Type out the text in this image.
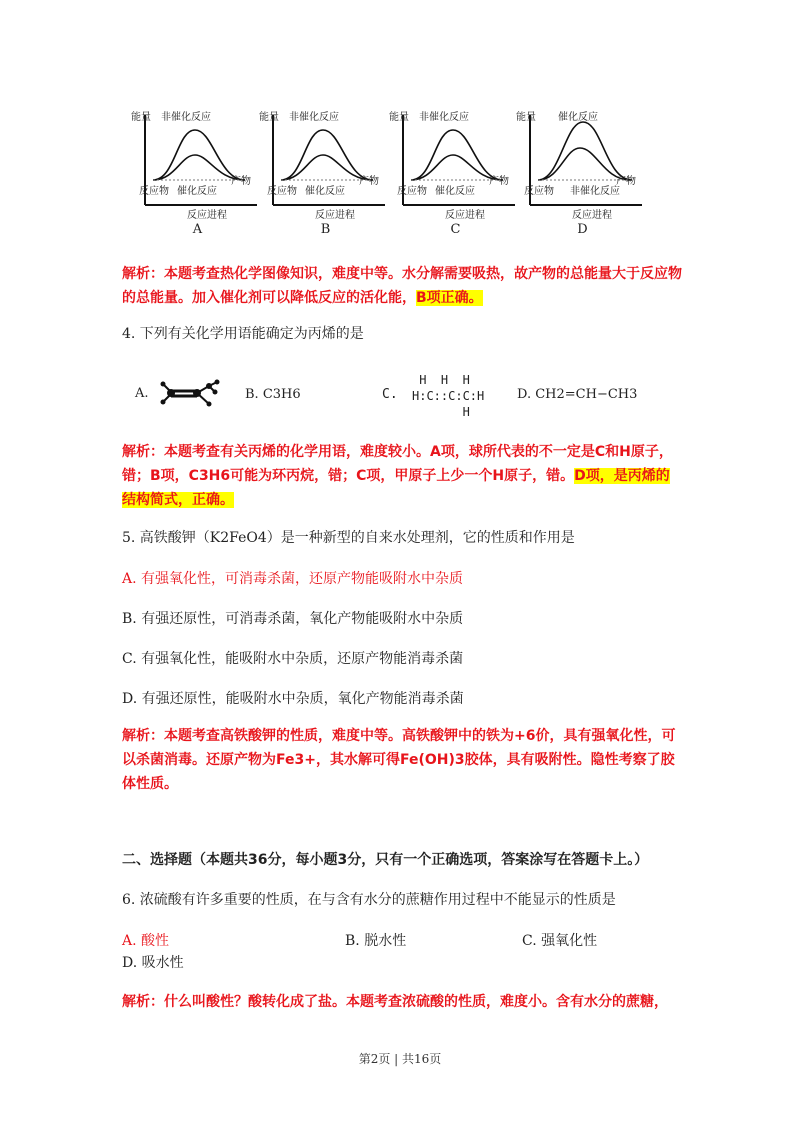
能量 非催化反应
催化反应
反应物
产物
反应进程
A
能量 非催化反应
催化反应
反应物
产物
反应进程
B
能量 非催化反应
催化反应
反应物
产物
反应进程
C
能量 催化反应
非催化反应
反应物
产物
反应进程
D
解析：本题考查热化学图像知识，难度中等。水分解需要吸热，故产物的总能量大于反应物的总能量。加入催化剂可以降低反应的活化能，B项正确。
4. 下列有关化学用语能确定为丙烯的是
A.	B. C3H6	C.
H  H  H
H:C::C:C:H
H
D. CH2=CH−CH3
解析：本题考查有关丙烯的化学用语，难度较小。A项，球所代表的不一定是C和H原子，错；B项，C3H6可能为环丙烷，错；C项，甲原子上少一个H原子，错。D项，是丙烯的结构简式，正确。
5. 高铁酸钾（K2FeO4）是一种新型的自来水处理剂，它的性质和作用是
A. 有强氧化性，可消毒杀菌，还原产物能吸附水中杂质
B. 有强还原性，可消毒杀菌，氧化产物能吸附水中杂质
C. 有强氧化性，能吸附水中杂质，还原产物能消毒杀菌
D. 有强还原性，能吸附水中杂质，氧化产物能消毒杀菌
解析：本题考查高铁酸钾的性质，难度中等。高铁酸钾中的铁为+6价，具有强氧化性，可以杀菌消毒。还原产物为Fe3+，其水解可得Fe(OH)3胶体，具有吸附性。隐性考察了胶体性质。
二、选择题（本题共36分，每小题3分，只有一个正确选项，答案涂写在答题卡上。）
6. 浓硫酸有许多重要的性质，在与含有水分的蔗糖作用过程中不能显示的性质是
A. 酸性	B. 脱水性	C. 强氧化性
D. 吸水性
解析：什么叫酸性？酸转化成了盐。本题考查浓硫酸的性质，难度小。含有水分的蔗糖，
第2页 | 共16页
